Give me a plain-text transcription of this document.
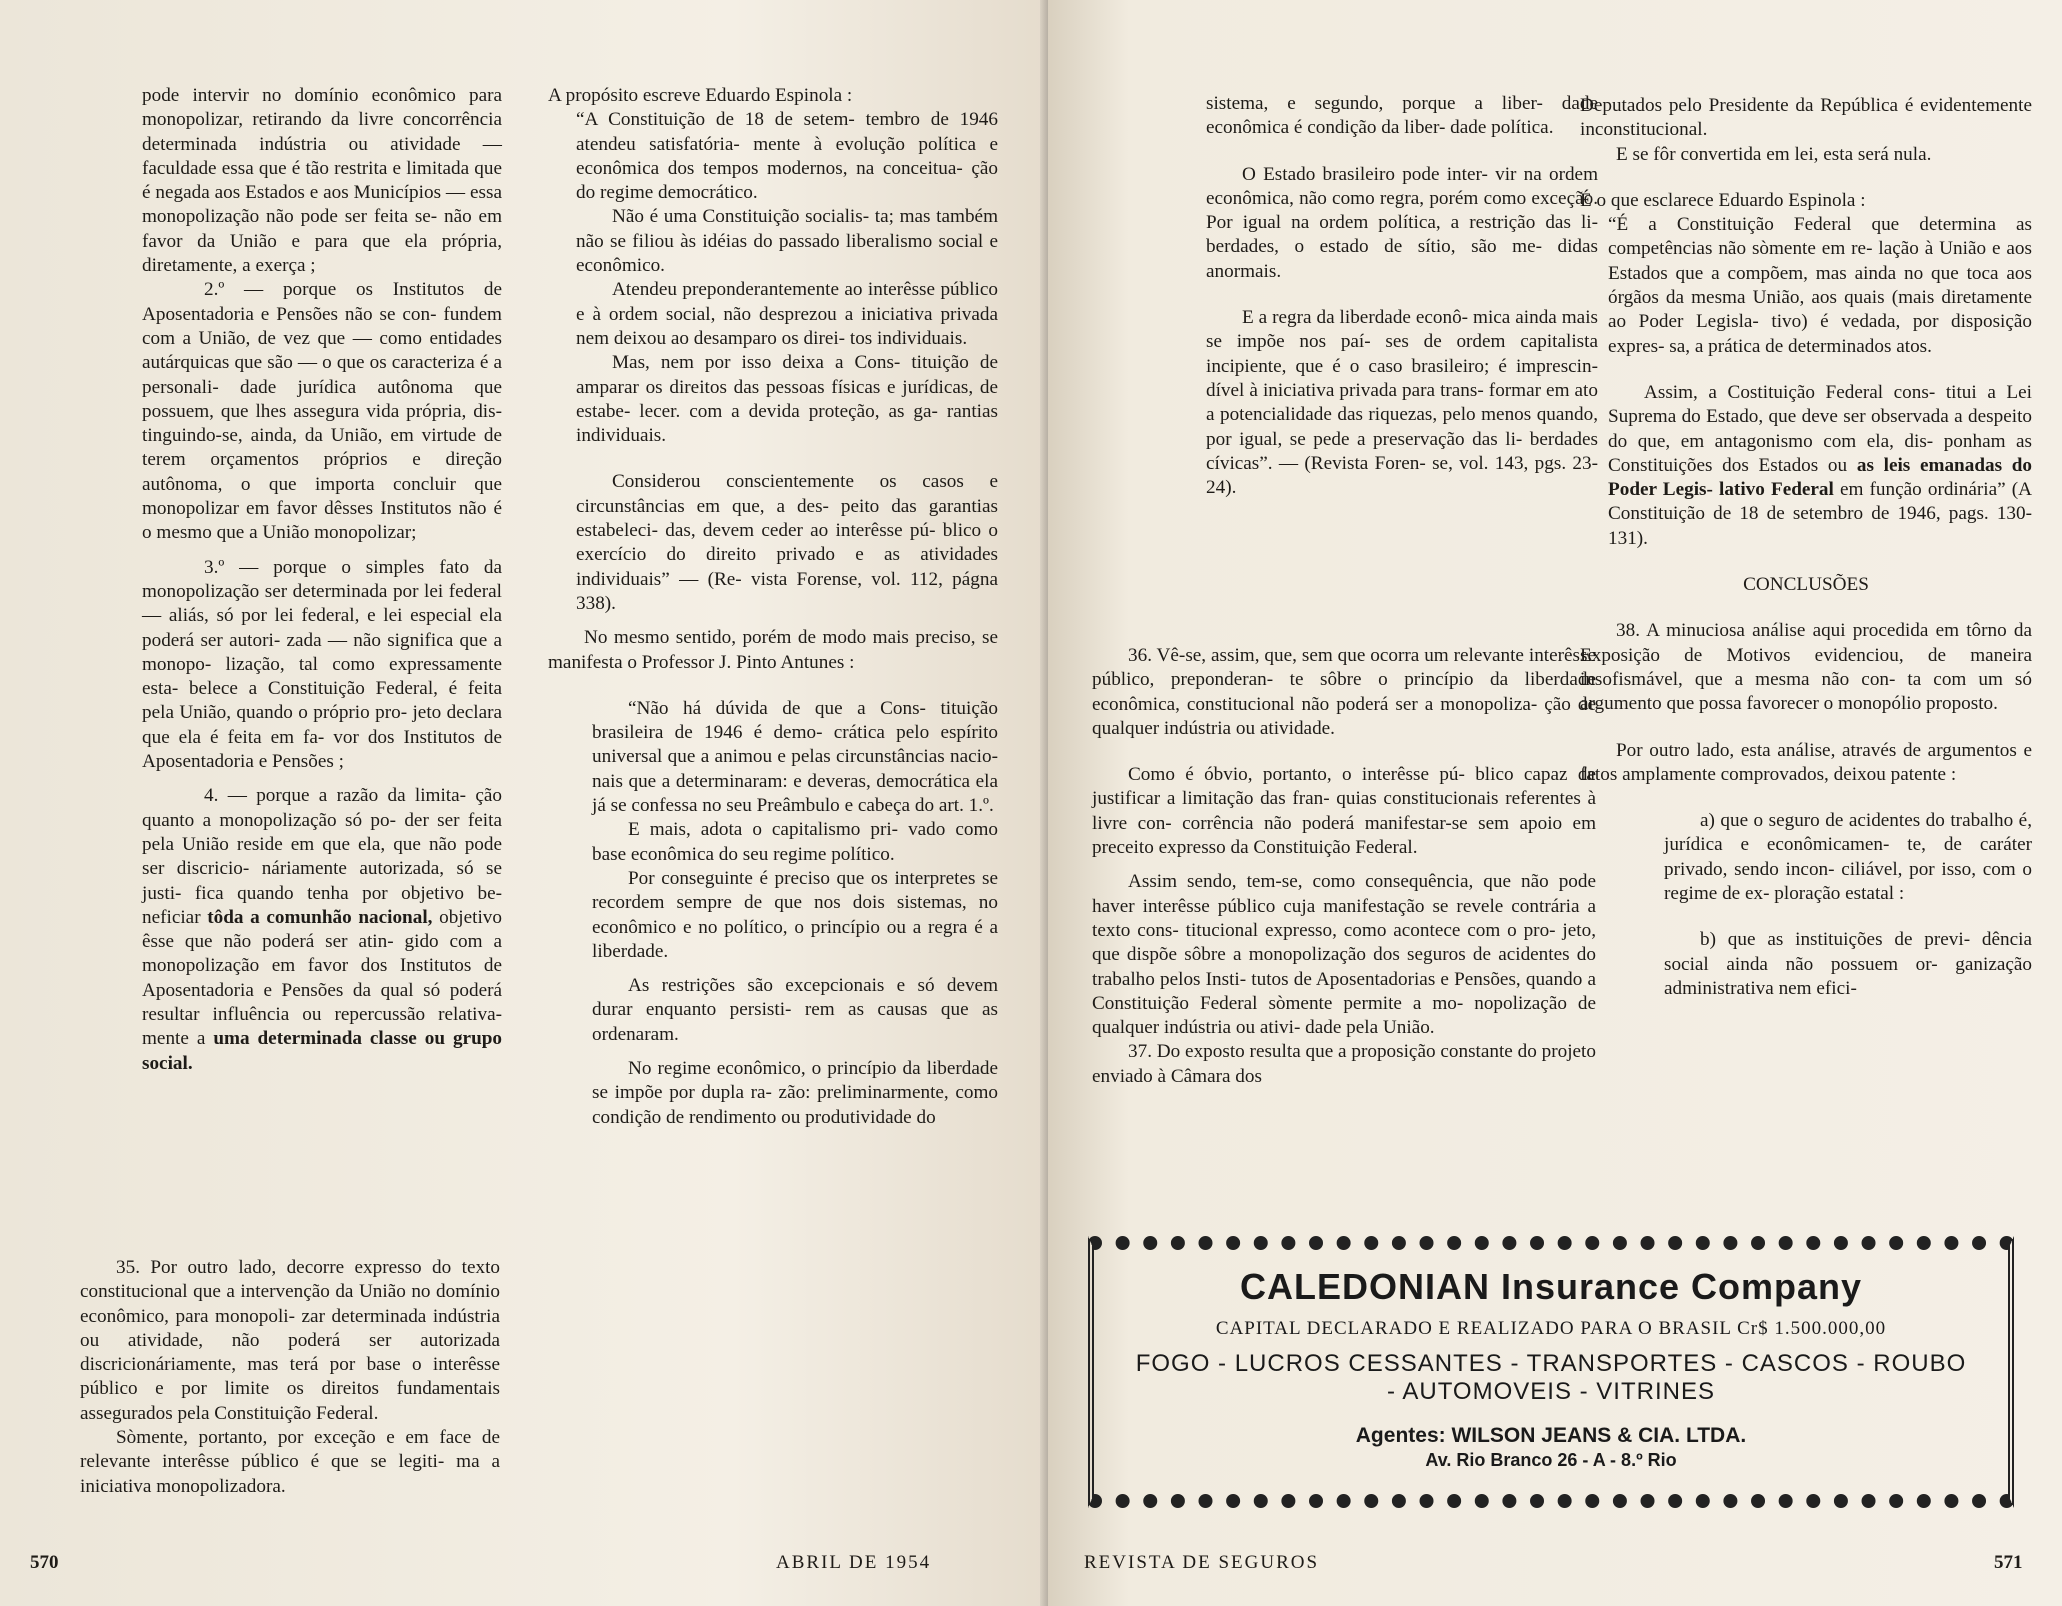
pode intervir no domínio econômico para monopolizar, retirando da livre concorrência determinada indústria ou atividade — faculdade essa que é tão restrita e limitada que é negada aos Estados e aos Municípios — essa monopolização não pode ser feita se- não em favor da União e para que ela própria, diretamente, a exerça ;

2.º — porque os Institutos de Aposentadoria e Pensões não se con- fundem com a União, de vez que — como entidades autárquicas que são — o que os caracteriza é a personali- dade jurídica autônoma que possuem, que lhes assegura vida própria, dis- tinguindo-se, ainda, da União, em virtude de terem orçamentos próprios e direção autônoma, o que importa concluir que monopolizar em favor dêsses Institutos não é o mesmo que a União monopolizar;

3.º — porque o simples fato da monopolização ser determinada por lei federal — aliás, só por lei federal, e lei especial ela poderá ser autori- zada — não significa que a monopo- lização, tal como expressamente esta- belece a Constituição Federal, é feita pela União, quando o próprio pro- jeto declara que ela é feita em fa- vor dos Institutos de Aposentadoria e Pensões ;

4. — porque a razão da limita- ção quanto a monopolização só po- der ser feita pela União reside em que ela, que não pode ser discricio- náriamente autorizada, só se justi- fica quando tenha por objetivo be- neficiar tôda a comunhão nacional, objetivo êsse que não poderá ser atin- gido com a monopolização em favor dos Institutos de Aposentadoria e Pensões da qual só poderá resultar influência ou repercussão relativa- mente a uma determinada classe ou grupo social.

35. Por outro lado, decorre expresso do texto constitucional que a intervenção da União no domínio econômico, para monopoli- zar determinada indústria ou atividade, não poderá ser autorizada discricionáriamente, mas terá por base o interêsse público e por limite os direitos fundamentais assegurados pela Constituição Federal.

Sòmente, portanto, por exceção e em face de relevante interêsse público é que se legiti- ma a iniciativa monopolizadora.

A propósito escreve Eduardo Espinola :

“A Constituição de 18 de setem- tembro de 1946 atendeu satisfatória- mente à evolução política e econômica dos tempos modernos, na conceitua- ção do regime democrático.

Não é uma Constituição socialis- ta; mas também não se filiou às idéias do passado liberalismo social e econômico.

Atendeu preponderantemente ao interêsse público e à ordem social, não desprezou a iniciativa privada nem deixou ao desamparo os direi- tos individuais.

Mas, nem por isso deixa a Cons- tituição de amparar os direitos das pessoas físicas e jurídicas, de estabe- lecer. com a devida proteção, as ga- rantias individuais.

Considerou conscientemente os casos e circunstâncias em que, a des- peito das garantias estabeleci- das, devem ceder ao interêsse pú- blico o exercício do direito privado e as atividades individuais” — (Re- vista Forense, vol. 112, págna 338).

No mesmo sentido, porém de modo mais preciso, se manifesta o Professor J. Pinto Antunes :

“Não há dúvida de que a Cons- tituição brasileira de 1946 é demo- crática pelo espírito universal que a animou e pelas circunstâncias nacio- nais que a determinaram: e deveras, democrática ela já se confessa no seu Preâmbulo e cabeça do art. 1.º.

E mais, adota o capitalismo pri- vado como base econômica do seu regime político.

Por conseguinte é preciso que os interpretes se recordem sempre de que nos dois sistemas, no econômico e no político, o princípio ou a regra é a liberdade.

As restrições são excepcionais e só devem durar enquanto persisti- rem as causas que as ordenaram.

No regime econômico, o princípio da liberdade se impõe por dupla ra- zão: preliminarmente, como condição de rendimento ou produtividade do

570	ABRIL DE 1954

sistema, e segundo, porque a liber- dade econômica é condição da liber- dade política.

O Estado brasileiro pode inter- vir na ordem econômica, não como regra, porém como exceção. Por igual na ordem política, a restrição das li- berdades, o estado de sítio, são me- didas anormais.

E a regra da liberdade econô- mica ainda mais se impõe nos paí- ses de ordem capitalista incipiente, que é o caso brasileiro; é imprescin- dível à iniciativa privada para trans- formar em ato a potencialidade das riquezas, pelo menos quando, por igual, se pede a preservação das li- berdades cívicas”. — (Revista Foren- se, vol. 143, pgs. 23-24).

36. Vê-se, assim, que, sem que ocorra um relevante interêsse público, preponderan- te sôbre o princípio da liberdade econômica, constitucional não poderá ser a monopoliza- ção de qualquer indústria ou atividade.

Como é óbvio, portanto, o interêsse pú- blico capaz de justificar a limitação das fran- quias constitucionais referentes à livre con- corrência não poderá manifestar-se sem apoio em preceito expresso da Constituição Federal.

Assim sendo, tem-se, como consequência, que não pode haver interêsse público cuja manifestação se revele contrária a texto cons- titucional expresso, como acontece com o pro- jeto, que dispõe sôbre a monopolização dos seguros de acidentes do trabalho pelos Insti- tutos de Aposentadorias e Pensões, quando a Constituição Federal sòmente permite a mo- nopolização de qualquer indústria ou ativi- dade pela União.

37. Do exposto resulta que a proposição constante do projeto enviado à Câmara dos

Deputados pelo Presidente da República é evidentemente inconstitucional.

E se fôr convertida em lei, esta será nula.

É o que esclarece Eduardo Espinola :

“É a Constituição Federal que determina as competências não sòmente em re- lação à União e aos Estados que a compõem, mas ainda no que toca aos órgãos da mesma União, aos quais (mais diretamente ao Poder Legisla- tivo) é vedada, por disposição expres- sa, a prática de determinados atos.

Assim, a Costituição Federal cons- titui a Lei Suprema do Estado, que deve ser observada a despeito do que, em antagonismo com ela, dis- ponham as Constituições dos Estados ou as leis emanadas do Poder Legis- lativo Federal em função ordinária” (A Constituição de 18 de setembro de 1946, pags. 130-131).

CONCLUSÕES

38. A minuciosa análise aqui procedida em tôrno da Exposição de Motivos evidenciou, de maneira insofismável, que a mesma não con- ta com um só argumento que possa favorecer o monopólio proposto.

Por outro lado, esta análise, através de argumentos e fatos amplamente comprovados, deixou patente :

a) que o seguro de acidentes do trabalho é, jurídica e econômicamen- te, de caráter privado, sendo incon- ciliável, por isso, com o regime de ex- ploração estatal :

b) que as instituições de previ- dência social ainda não possuem or- ganização administrativa nem efici-

REVISTA DE SEGUROS	571
CALEDONIAN Insurance Company
CAPITAL DECLARADO E REALIZADO PARA O BRASIL Cr$ 1.500.000,00
FOGO - LUCROS CESSANTES - TRANSPORTES - CASCOS - ROUBO
- AUTOMOVEIS - VITRINES
Agentes: WILSON JEANS & CIA. LTDA.
Av. Rio Branco 26 - A - 8.º Rio
